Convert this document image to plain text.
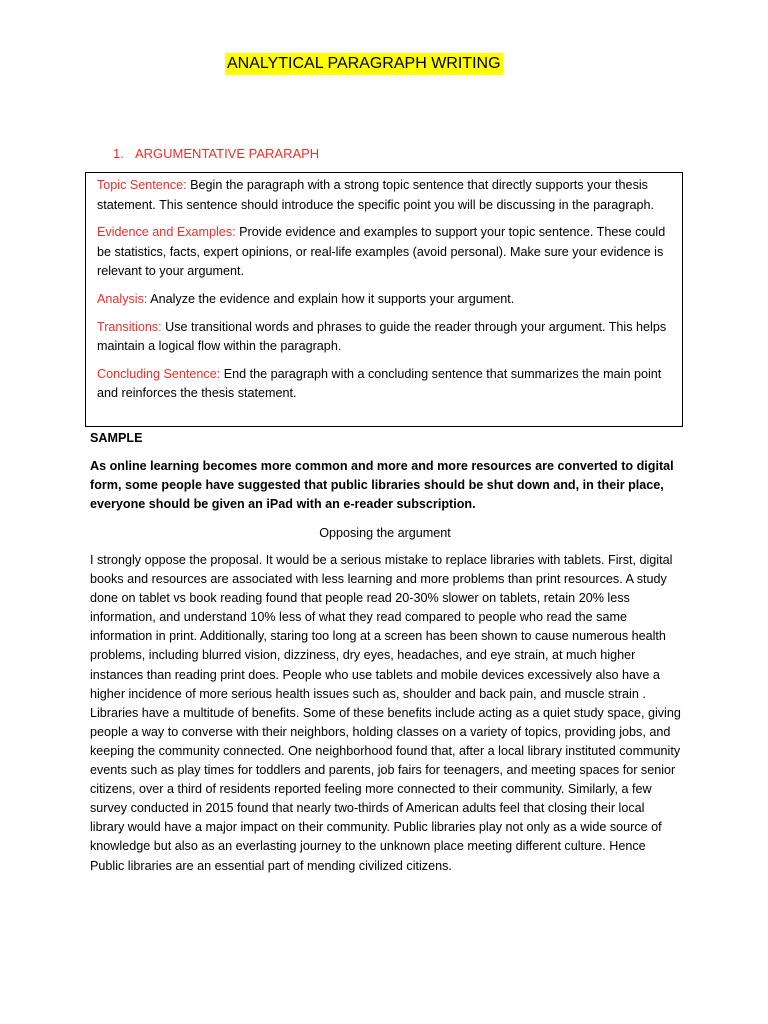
ANALYTICAL PARAGRAPH WRITING
1. ARGUMENTATIVE PARARAPH

Topic Sentence: Begin the paragraph with a strong topic sentence that directly supports your thesis statement. This sentence should introduce the specific point you will be discussing in the paragraph.

Evidence and Examples: Provide evidence and examples to support your topic sentence. These could be statistics, facts, expert opinions, or real-life examples (avoid personal). Make sure your evidence is relevant to your argument.

Analysis: Analyze the evidence and explain how it supports your argument.

Transitions: Use transitional words and phrases to guide the reader through your argument. This helps maintain a logical flow within the paragraph.

Concluding Sentence: End the paragraph with a concluding sentence that summarizes the main point and reinforces the thesis statement.

SAMPLE
As online learning becomes more common and more and more resources are converted to digital form, some people have suggested that public libraries should be shut down and, in their place, everyone should be given an iPad with an e-reader subscription.
Opposing the argument
I strongly oppose the proposal. It would be a serious mistake to replace libraries with tablets. First, digital books and resources are associated with less learning and more problems than print resources. A study done on tablet vs book reading found that people read 20-30% slower on tablets, retain 20% less information, and understand 10% less of what they read compared to people who read the same information in print. Additionally, staring too long at a screen has been shown to cause numerous health problems, including blurred vision, dizziness, dry eyes, headaches, and eye strain, at much higher instances than reading print does. People who use tablets and mobile devices excessively also have a higher incidence of more serious health issues such as, shoulder and back pain, and muscle strain . Libraries have a multitude of benefits. Some of these benefits include acting as a quiet study space, giving people a way to converse with their neighbors, holding classes on a variety of topics, providing jobs, and keeping the community connected. One neighborhood found that, after a local library instituted community events such as play times for toddlers and parents, job fairs for teenagers, and meeting spaces for senior citizens, over a third of residents reported feeling more connected to their community. Similarly, a few survey conducted in 2015 found that nearly two-thirds of American adults feel that closing their local library would have a major impact on their community. Public libraries play not only as a wide source of knowledge but also as an everlasting journey to the unknown place meeting different culture. Hence Public libraries are an essential part of mending civilized citizens.
